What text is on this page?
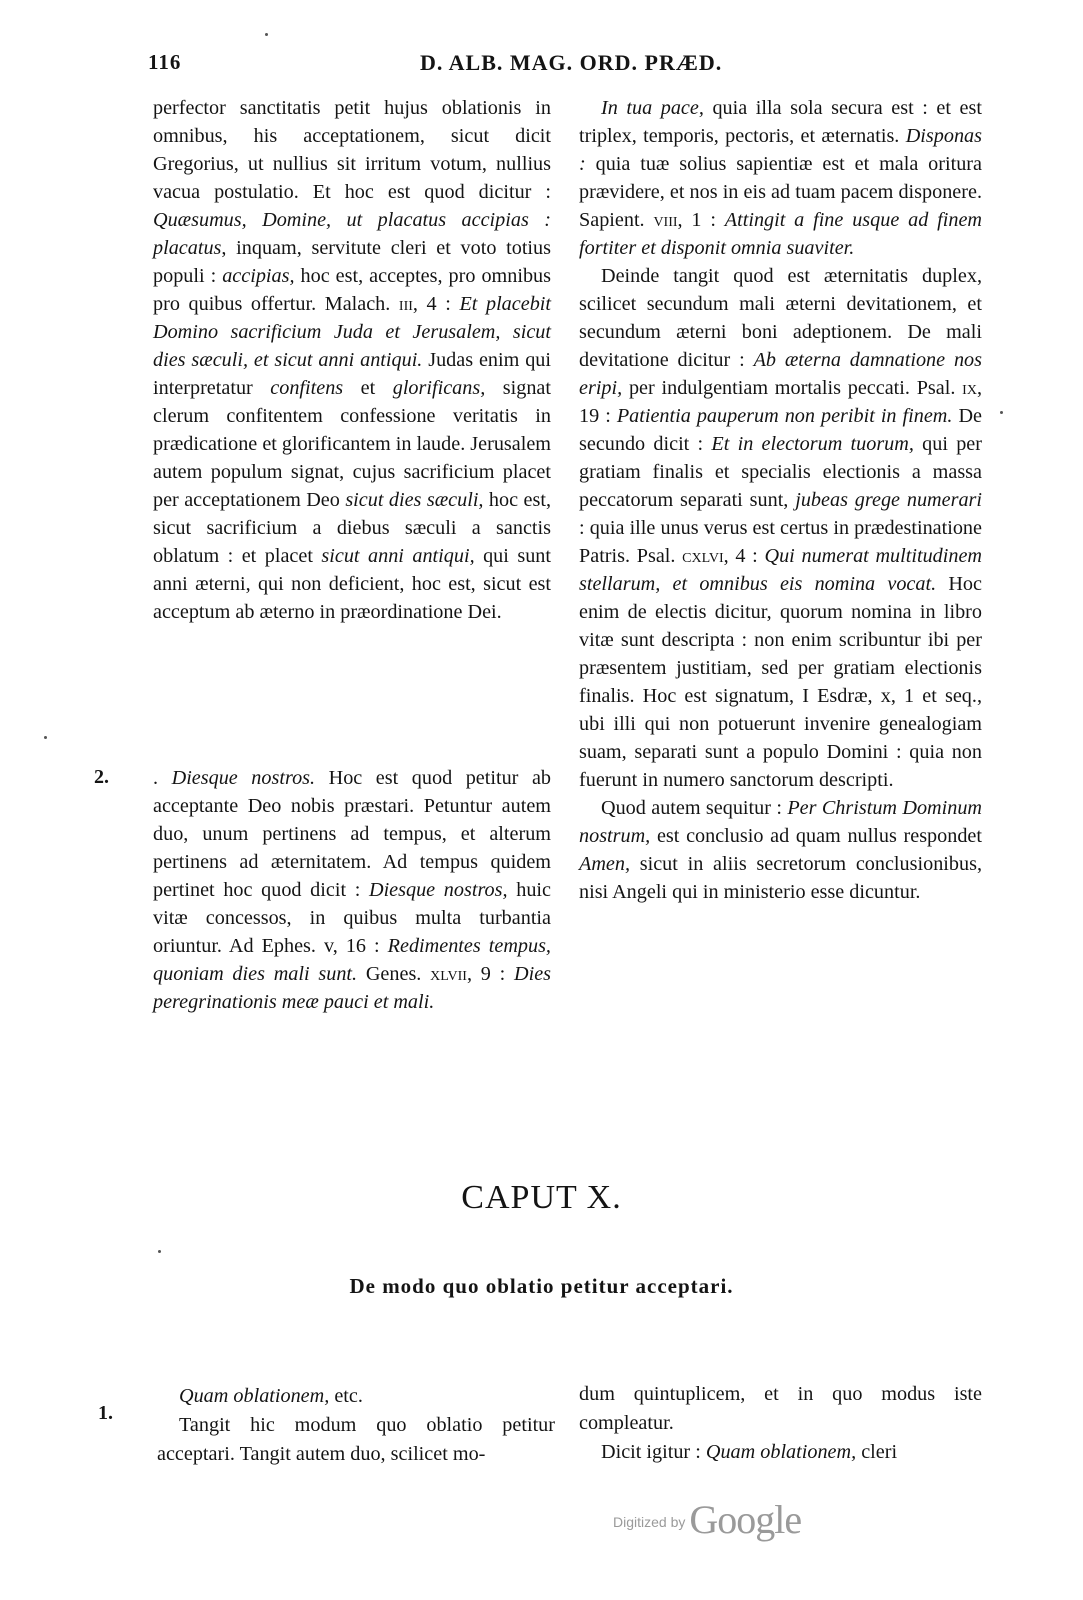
116	D. ALB. MAG. ORD. PRÆD.

perfector sanctitatis petit hujus oblationis in omnibus, his acceptationem, sicut dicit Gregorius, ut nullius sit irritum votum, nullius vacua postulatio. Et hoc est quod dicitur : Quæsumus, Domine, ut placatus accipias : placatus, inquam, servitute cleri et voto totius populi : accipias, hoc est, acceptes, pro omnibus pro quibus offertur. Malach. iii, 4 : Et placebit Domino sacrificium Juda et Jerusalem, sicut dies sæculi, et sicut anni antiqui. Judas enim qui interpretatur confitens et glorificans, signat clerum confitentem confessione veritatis in prædicatione et glorificantem in laude. Jerusalem autem populum signat, cujus sacrificium placet per acceptationem Deo sicut dies sæculi, hoc est, sicut sacrificium a diebus sæculi a sanctis oblatum : et placet sicut anni antiqui, qui sunt anni æterni, qui non deficient, hoc est, sicut est acceptum ab æterno in præordinatione Dei.

2. . Diesque nostros. Hoc est quod petitur ab acceptante Deo nobis præstari. Petuntur autem duo, unum pertinens ad tempus, et alterum pertinens ad æternitatem. Ad tempus quidem pertinet hoc quod dicit : Diesque nostros, huic vitæ concessos, in quibus multa turbantia oriuntur. Ad Ephes. v, 16 : Redimentes tempus, quoniam dies mali sunt. Genes. xlvii, 9 : Dies peregrinationis meæ pauci et mali.

In tua pace, quia illa sola secura est : et est triplex, temporis, pectoris, et æternatis. Disponas : quia tuæ solius sapientiæ est et mala oritura prævidere, et nos in eis ad tuam pacem disponere. Sapient. viii, 1 : Attingit a fine usque ad finem fortiter et disponit omnia suaviter.

Deinde tangit quod est æternitatis duplex, scilicet secundum mali æterni devitationem, et secundum æterni boni adeptionem. De mali devitatione dicitur : Ab æterna damnatione nos eripi, per indulgentiam mortalis peccati. Psal. ix, 19 : Patientia pauperum non peribit in finem. De secundo dicit : Et in electorum tuorum, qui per gratiam finalis et specialis electionis a massa peccatorum separati sunt, jubeas grege numerari : quia ille unus verus est certus in prædestinatione Patris. Psal. cxlvi, 4 : Qui numerat multitudinem stellarum, et omnibus eis nomina vocat. Hoc enim de electis dicitur, quorum nomina in libro vitæ sunt descripta : non enim scribuntur ibi per præsentem justitiam, sed per gratiam electionis finalis. Hoc est signatum, I Esdræ, x, 1 et seq., ubi illi qui non potuerunt invenire genealogiam suam, separati sunt a populo Domini : quia non fuerunt in numero sanctorum descripti.

Quod autem sequitur : Per Christum Dominum nostrum, est conclusio ad quam nullus respondet Amen, sicut in aliis secretorum conclusionibus, nisi Angeli qui in ministerio esse dicuntur.

CAPUT X.
De modo quo oblatio petitur acceptari.
1.

Quam oblationem, etc.

Tangit hic modum quo oblatio petitur acceptari. Tangit autem duo, scilicet mo-

dum quintuplicem, et in quo modus iste compleatur.

Dicit igitur : Quam oblationem, cleri

Digitized by Google
